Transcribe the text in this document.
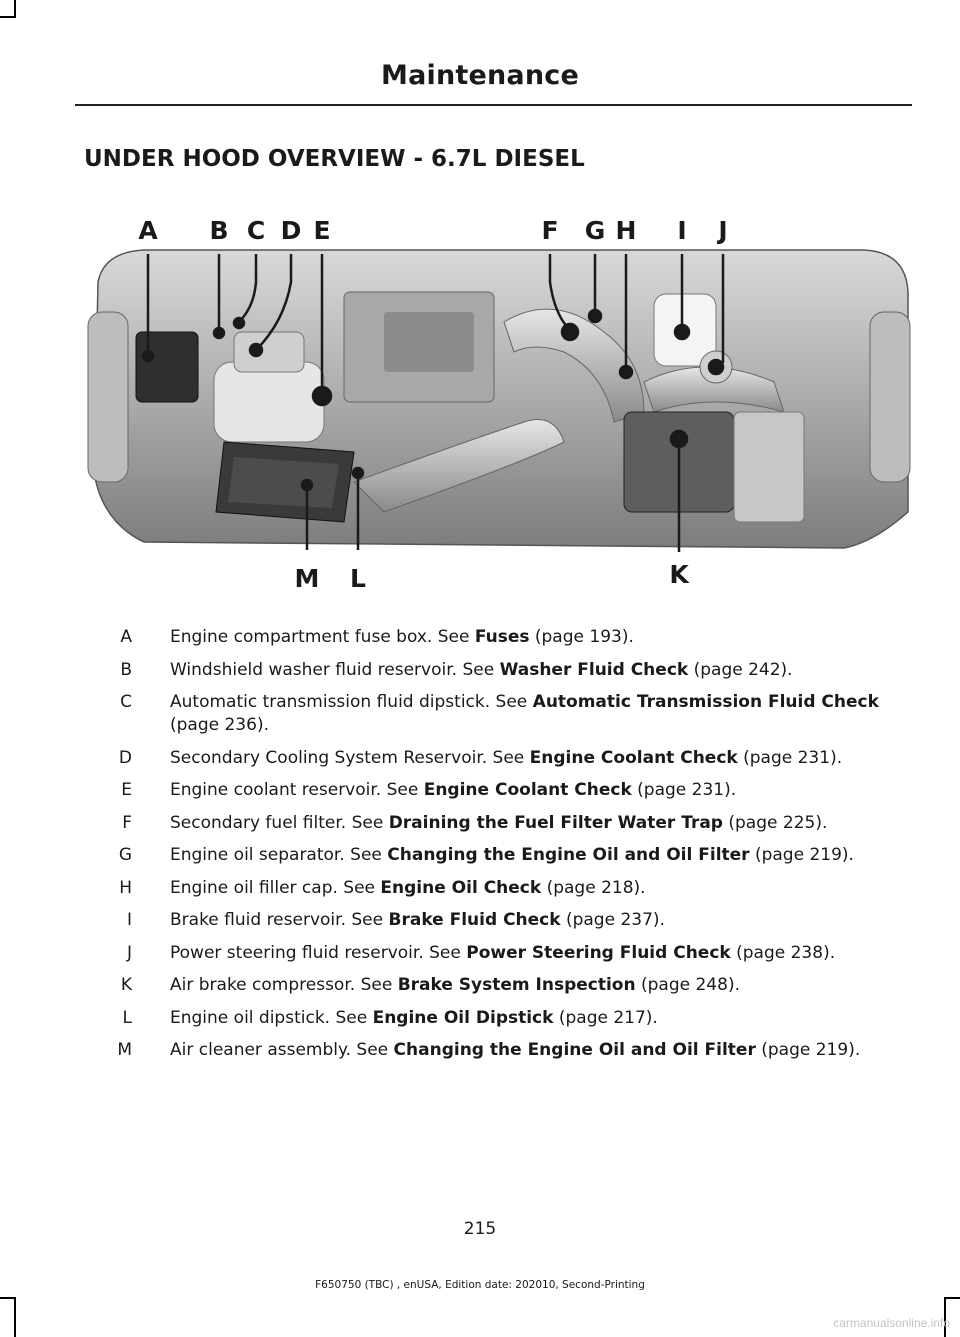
Maintenance
UNDER HOOD OVERVIEW - 6.7L DIESEL
A B C D E	F G H I J
K
L
M
A	Engine compartment fuse box. See Fuses (page 193).
B	Windshield washer fluid reservoir. See Washer Fluid Check (page 242).
C	Automatic transmission fluid dipstick. See Automatic Transmission Fluid Check (page 236).
D	Secondary Cooling System Reservoir. See Engine Coolant Check (page 231).
E	Engine coolant reservoir. See Engine Coolant Check (page 231).
F	Secondary fuel filter. See Draining the Fuel Filter Water Trap (page 225).
G	Engine oil separator. See Changing the Engine Oil and Oil Filter (page 219).
H	Engine oil filler cap. See Engine Oil Check (page 218).
I	Brake fluid reservoir. See Brake Fluid Check (page 237).
J	Power steering fluid reservoir. See Power Steering Fluid Check (page 238).
K	Air brake compressor. See Brake System Inspection (page 248).
L	Engine oil dipstick. See Engine Oil Dipstick (page 217).
M	Air cleaner assembly. See Changing the Engine Oil and Oil Filter (page 219).
215
F650750 (TBC) , enUSA, Edition date: 202010, Second-Printing
carmanualsonline.info
